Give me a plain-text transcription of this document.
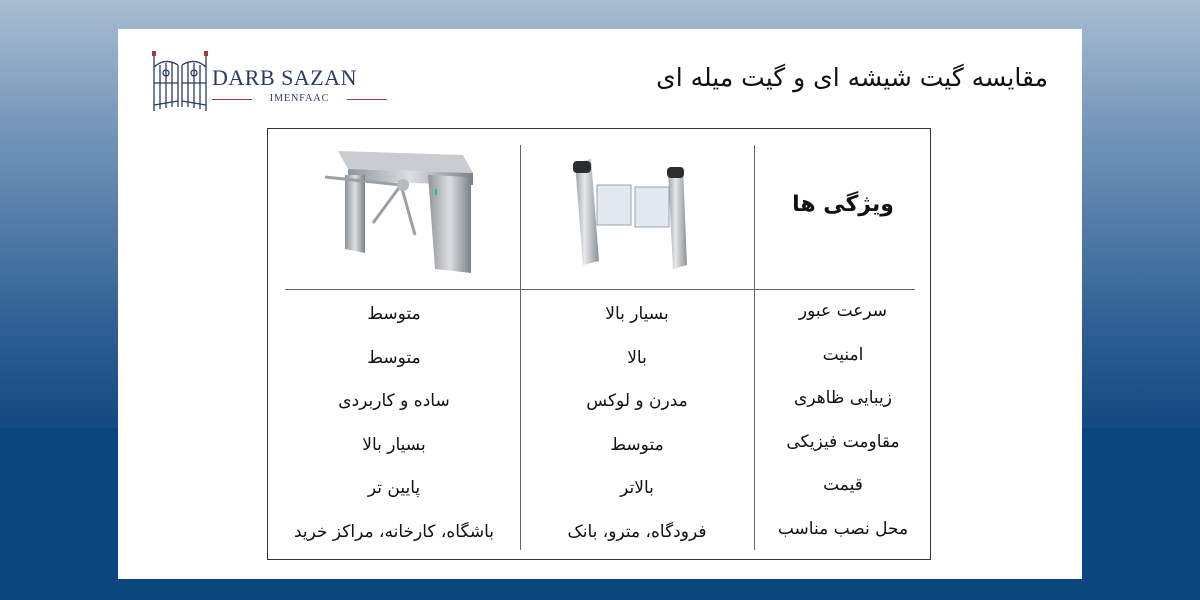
DARB SAZAN
IMENFAAC
مقایسه گیت شیشه ای و گیت میله ای
ویژگی ها
سرعت عبور
امنیت
زیبایی ظاهری
مقاومت فیزیکی
قیمت
محل نصب مناسب
بسیار بالا
بالا
مدرن و لوکس
متوسط
بالاتر
فرودگاه، مترو، بانک
متوسط
متوسط
ساده و کاربردی
بسیار بالا
پایین تر
باشگاه، کارخانه، مراکز خرید
